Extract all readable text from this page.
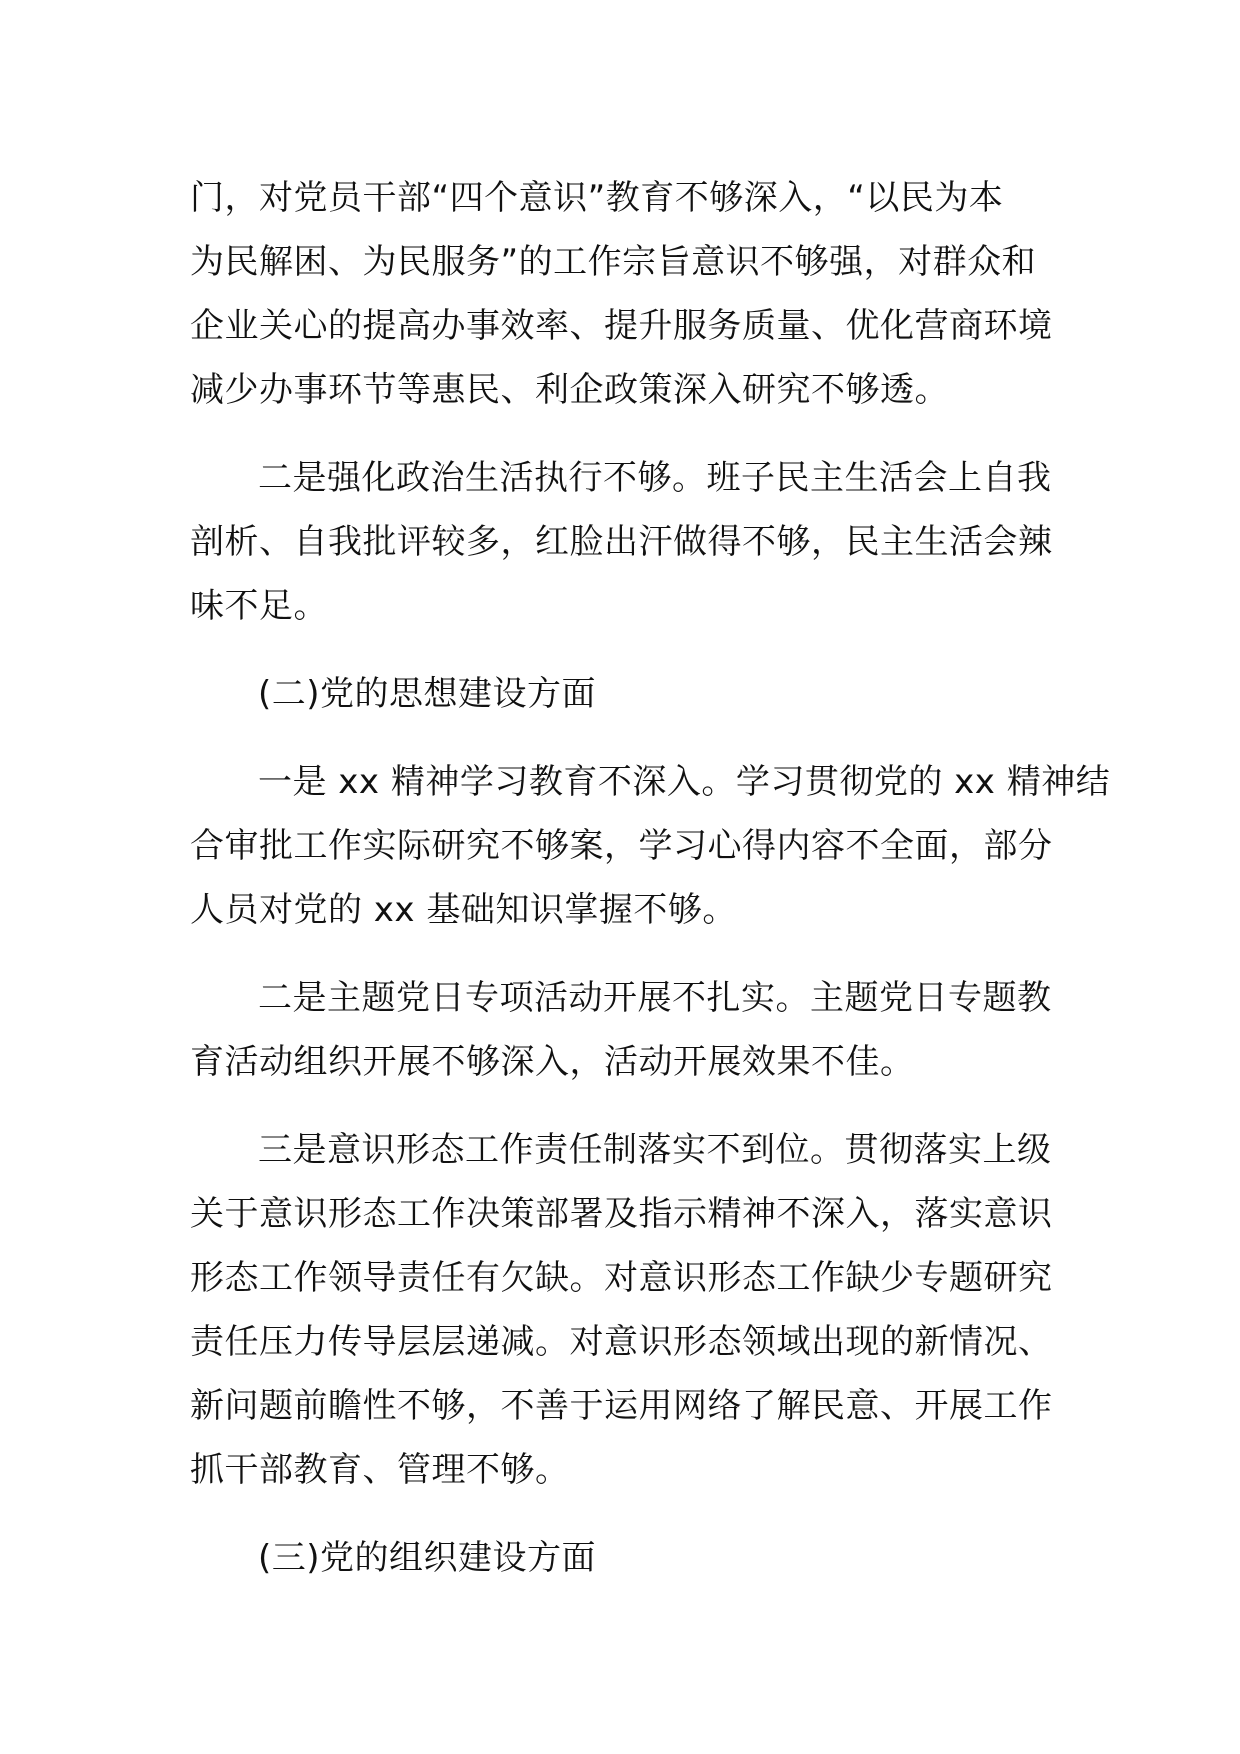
门，对党员干部“四个意识”教育不够深入，“以民为本
为民解困、为民服务”的工作宗旨意识不够强，对群众和
企业关心的提高办事效率、提升服务质量、优化营商环境
减少办事环节等惠民、利企政策深入研究不够透。
二是强化政治生活执行不够。班子民主生活会上自我
剖析、自我批评较多，红脸出汗做得不够，民主生活会辣
味不足。
(二)党的思想建设方面
一是 xx 精神学习教育不深入。学习贯彻党的 xx 精神结
合审批工作实际研究不够案，学习心得内容不全面，部分
人员对党的 xx 基础知识掌握不够。
二是主题党日专项活动开展不扎实。主题党日专题教
育活动组织开展不够深入，活动开展效果不佳。
三是意识形态工作责任制落实不到位。贯彻落实上级
关于意识形态工作决策部署及指示精神不深入，落实意识
形态工作领导责任有欠缺。对意识形态工作缺少专题研究
责任压力传导层层递减。对意识形态领域出现的新情况、
新问题前瞻性不够，不善于运用网络了解民意、开展工作
抓干部教育、管理不够。
(三)党的组织建设方面
